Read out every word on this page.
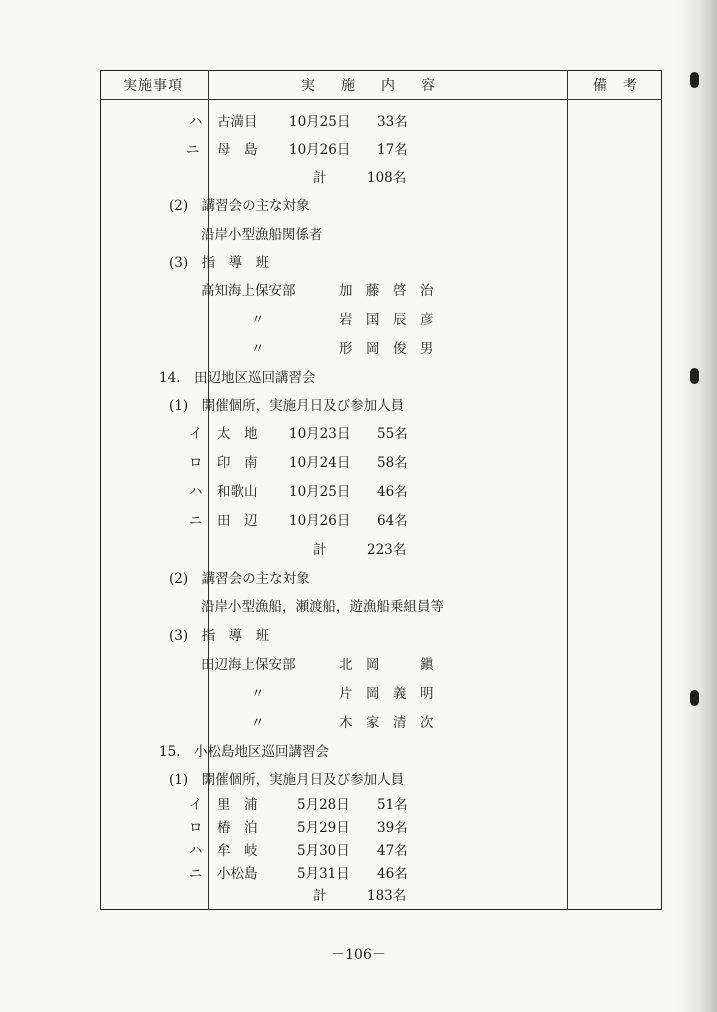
実施事項	実　施　内　容	備　考
ハ 古満目 10月25日 33名
ニ 母　島 10月26日 17名
計	108名
(2)　講習会の主な対象
沿岸小型漁船関係者
(3)　指　導　班
高知海上保安部	加　藤　啓　治
〃	岩　国　辰　彦
〃	形　岡　俊　男
14.　田辺地区巡回講習会
(1)　開催個所，実施月日及び参加人員
イ 太　地 10月23日 55名
ロ 印　南 10月24日 58名
ハ 和歌山 10月25日 46名
ニ 田　辺 10月26日 64名
計	223名
(2)　講習会の主な対象
沿岸小型漁船，瀬渡船，遊漁船乗組員等
(3)　指　導　班
田辺海上保安部	北　岡　　　鎭
〃	片　岡　義　明
〃	木　家　清　次
15.　小松島地区巡回講習会
(1)　開催個所，実施月日及び参加人員
イ 里　浦	5月28日 51名
ロ 椿　泊	5月29日 39名
ハ 牟　岐	5月30日 47名
ニ 小松島	5月31日 46名
計	183名
－106－
